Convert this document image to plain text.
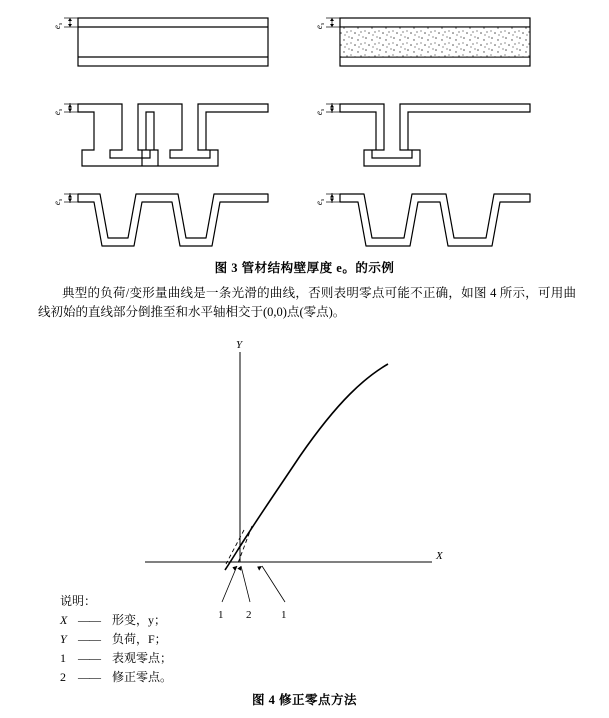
$e_s$
$e_s$
$e_s$
$e_s$
$e_s$
$e_s$
图 3 管材结构壁厚度 e。的示例
典型的负荷/变形量曲线是一条光滑的曲线，否则表明零点可能不正确，如图 4 所示，可用曲线初始的直线部分倒推至和水平轴相交于(0,0)点(零点)。
Y
X
1 2	1
说明：
X	——	形变，y；
Y	——	负荷，F；
1	——	表观零点；
2	——	修正零点。
图 4 修正零点方法
